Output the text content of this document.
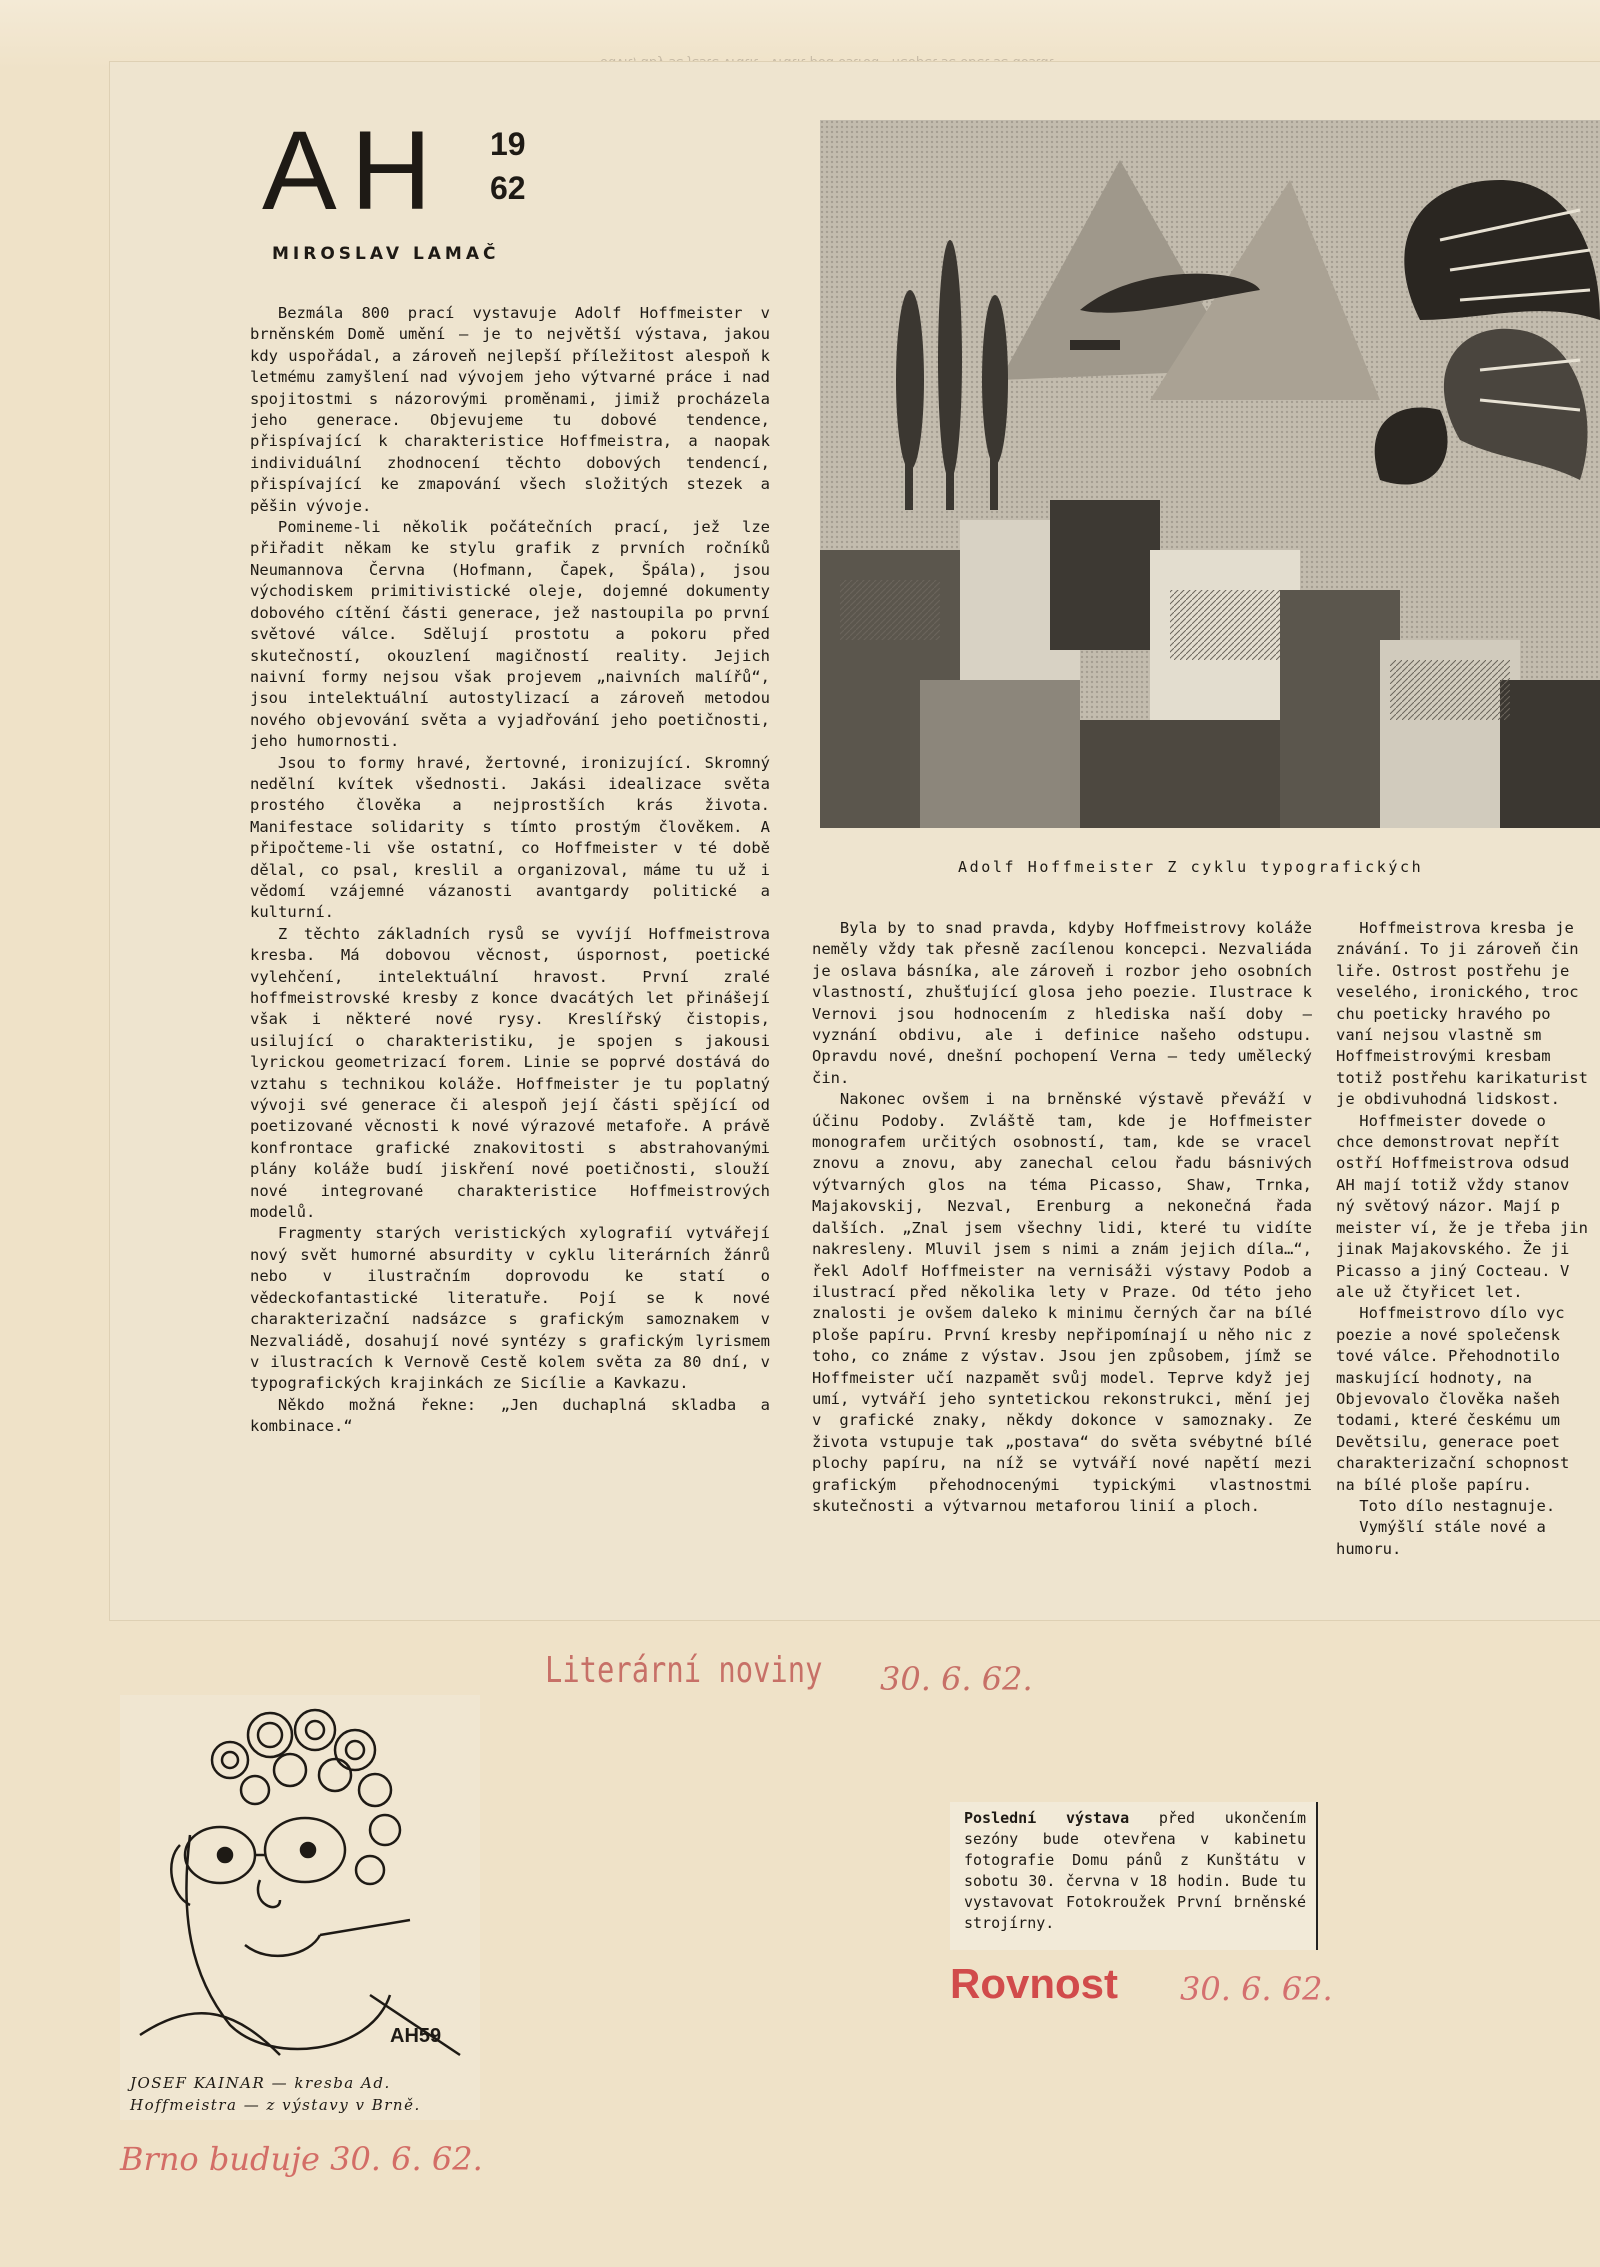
AH 19
62
MIROSLAV LAMAČ

Bezmála 800 prací vystavuje Adolf Hoffmeister v brněnském Domě umění — je to největší výstava, jakou kdy uspořádal, a zároveň nejlepší příležitost alespoň k letmému zamyšlení nad vývojem jeho výtvarné práce i nad spojitostmi s názorovými proměnami, jimiž procházela jeho generace. Objevujeme tu dobové tendence, přispívající k charakteristice Hoffmeistra, a naopak individuální zhodnocení těchto dobových tendencí, přispívající ke zmapování všech složitých stezek a pěšin vývoje.

Pomineme-li několik počátečních prací, jež lze přiřadit někam ke stylu grafik z prvních ročníků Neumannova Června (Hofmann, Čapek, Špála), jsou východiskem primitivistické oleje, dojemné dokumenty dobového cítění části generace, jež nastoupila po první světové válce. Sdělují prostotu a pokoru před skutečností, okouzlení magičností reality. Jejich naivní formy nejsou však projevem „naivních malířů“, jsou intelektuální autostylizací a zároveň metodou nového objevování světa a vyjadřování jeho poetičnosti, jeho humornosti.

Jsou to formy hravé, žertovné, ironizující. Skromný nedělní kvítek všednosti. Jakási idealizace světa prostého člověka a nejprostších krás života. Manifestace solidarity s tímto prostým člověkem. A připočteme-li vše ostatní, co Hoffmeister v té době dělal, co psal, kreslil a organizoval, máme tu už i vědomí vzájemné vázanosti avantgardy politické a kulturní.

Z těchto základních rysů se vyvíjí Hoffmeistrova kresba. Má dobovou věcnost, úspornost, poetické vylehčení, intelektuální hravost. První zralé hoffmeistrovské kresby z konce dvacátých let přinášejí však i některé nové rysy. Kreslířský čistopis, usilující o charakteristiku, je spojen s jakousi lyrickou geometrizací forem. Linie se poprvé dostává do vztahu s technikou koláže. Hoffmeister je tu poplatný vývoji své generace či alespoň její části spějící od poetizované věcnosti k nové výrazové metafoře. A právě konfrontace grafické znakovitosti s abstrahovanými plány koláže budí jiskření nové poetičnosti, slouží nové integrované charakteristice Hoffmeistrových modelů.

Fragmenty starých veristických xylografií vytvářejí nový svět humorné absurdity v cyklu literárních žánrů nebo v ilustračním doprovodu ke statí o vědeckofantastické literatuře. Pojí se k nové charakterizační nadsázce s grafickým samoznakem v Nezvaliádě, dosahují nové syntézy s grafickým lyrismem v ilustracích k Vernově Cestě kolem světa za 80 dní, v typografických krajinkách ze Sicílie a Kavkazu.

Někdo možná řekne: „Jen duchaplná skladba a kombinace.“

Adolf Hoffmeister Z cyklu typografických

Byla by to snad pravda, kdyby Hoffmeistrovy koláže neměly vždy tak přesně zacílenou koncepci. Nezvaliáda je oslava básníka, ale zároveň i rozbor jeho osobních vlastností, zhušťující glosa jeho poezie. Ilustrace k Vernovi jsou hodnocením z hlediska naší doby — vyznání obdivu, ale i definice našeho odstupu. Opravdu nové, dnešní pochopení Verna — tedy umělecký čin.

Nakonec ovšem i na brněnské výstavě převáží v účinu Podoby. Zvláště tam, kde je Hoffmeister monografem určitých osobností, tam, kde se vracel znovu a znovu, aby zanechal celou řadu básnivých výtvarných glos na téma Picasso, Shaw, Trnka, Majakovskij, Nezval, Erenburg a nekonečná řada dalších. „Znal jsem všechny lidi, které tu vidíte nakresleny. Mluvil jsem s nimi a znám jejich díla…“, řekl Adolf Hoffmeister na vernisáži výstavy Podob a ilustrací před několika lety v Praze. Od této jeho znalosti je ovšem daleko k minimu černých čar na bílé ploše papíru. První kresby nepřipomínají u něho nic z toho, co známe z výstav. Jsou jen způsobem, jímž se Hoffmeister učí nazpamět svůj model. Teprve když jej umí, vytváří jeho syntetickou rekonstrukci, mění jej v grafické znaky, někdy dokonce v samoznaky. Ze života vstupuje tak „postava“ do světa svébytné bílé plochy papíru, na níž se vytváří nové napětí mezi grafickým přehodnocenými typickými vlastnostmi skutečnosti a výtvarnou metaforou linií a ploch.

Hoffmeistrova kresba je
znávání. To ji zároveň čin
liře. Ostrost postřehu je
veselého, ironického, troc
chu poeticky hravého po
vaní nejsou vlastně sm
Hoffmeistrovými kresbam
totiž postřehu karikaturist
je obdivuhodná lidskost.
Hoffmeister dovede o
chce demonstrovat nepřít
ostří Hoffmeistrova odsud
AH mají totiž vždy stanov
ný světový názor. Mají p
meister ví, že je třeba jin
jinak Majakovského. Že ji
Picasso a jiný Cocteau. V
ale už čtyřicet let.
Hoffmeistrovo dílo vyc
poezie a nové společensk
tové válce. Přehodnotilo
maskující hodnoty, na
Objevovalo člověka našeh
todami, které českému um
Devětsilu, generace poet
charakterizační schopnost
na bílé ploše papíru.
Toto dílo nestagnuje.
Vymýšlí stále nové a
humoru.
Literární noviny 30. 6. 62.
AH59
JOSEF KAINAR — kresba Ad.
Hoffmeistra — z výstavy v Brně.
Poslední výstava před ukončením sezóny bude otevřena v kabinetu fotografie Domu pánů z Kunštátu v sobotu 30. června v 18 hodin. Bude tu vystavovat Fotokroužek První brněnské strojírny.
Rovnost 30. 6. 62.
Brno buduje 30. 6. 62.
